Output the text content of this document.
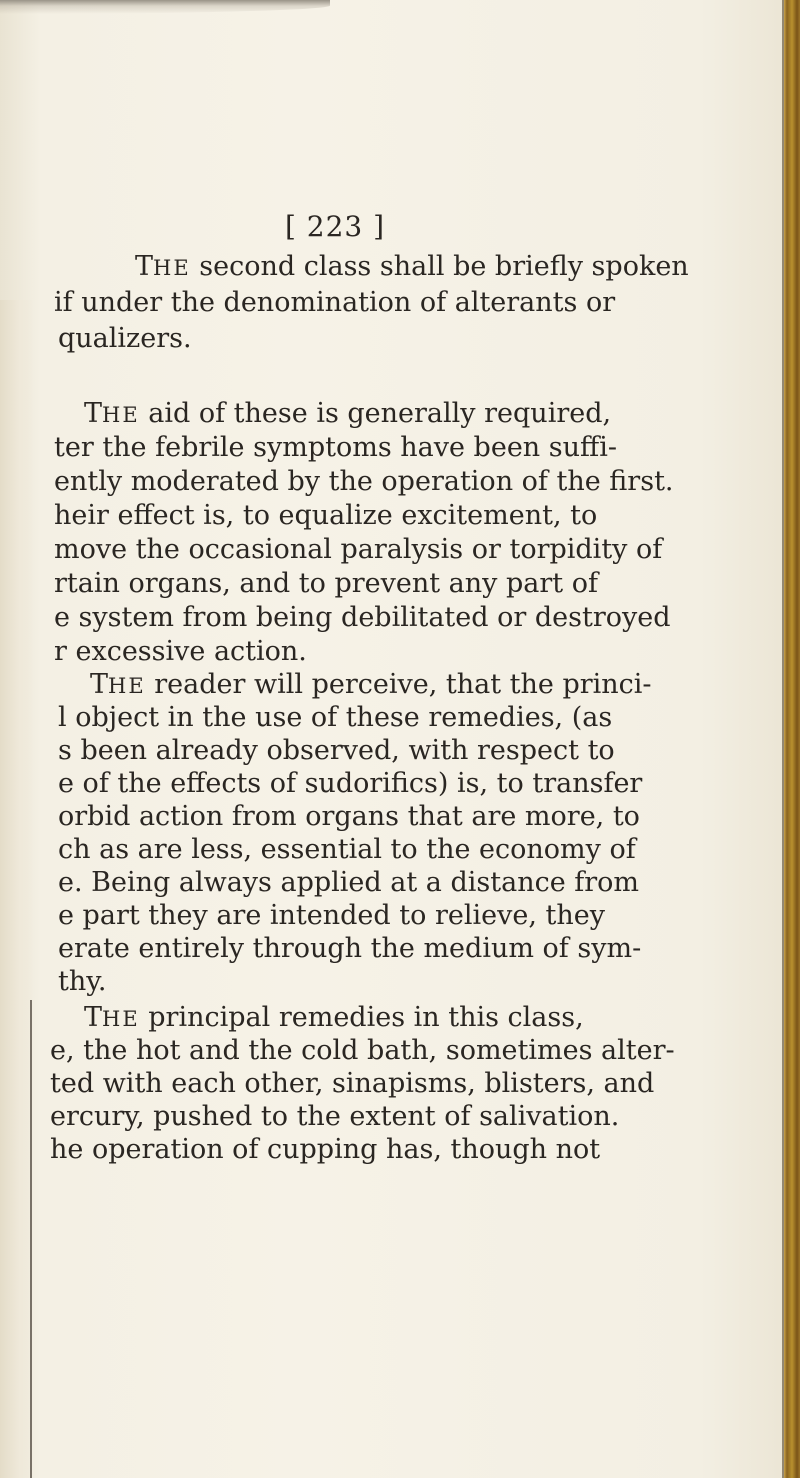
[ 223 ]
THE second class shall be briefly spoken
if under the denomination of alterants or
qualizers.
THE aid of these is generally required,
ter the febrile symptoms have been suffi-
ently moderated by the operation of the first.
heir effect is, to equalize excitement, to
move the occasional paralysis or torpidity of
rtain organs, and to prevent any part of
e system from being debilitated or destroyed
r excessive action.
THE reader will perceive, that the princi-
l object in the use of these remedies, (as
s been already observed, with respect to
e of the effects of sudorifics) is, to transfer
orbid action from organs that are more, to
ch as are less, essential to the economy of
e. Being always applied at a distance from
e part they are intended to relieve, they
erate entirely through the medium of sym-
thy.
THE principal remedies in this class,
e, the hot and the cold bath, sometimes alter-
ted with each other, sinapisms, blisters, and
ercury, pushed to the extent of salivation.
he operation of cupping has, though not
